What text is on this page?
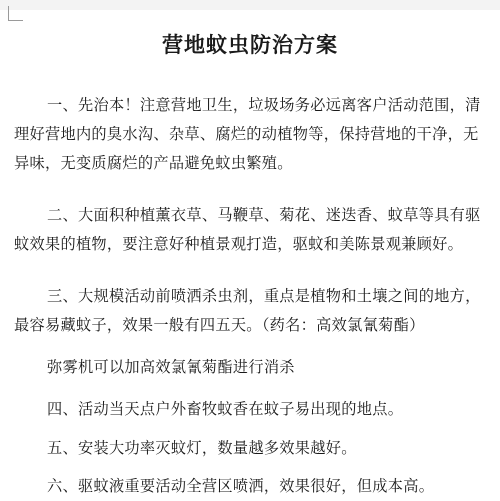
营地蚊虫防治方案
一、先治本！注意营地卫生，垃圾场务必远离客户活动范围，清
理好营地内的臭水沟、杂草、腐烂的动植物等，保持营地的干净，无
异味，无变质腐烂的产品避免蚊虫繁殖。
二、大面积种植薰衣草、马鞭草、菊花、迷迭香、蚊草等具有驱
蚊效果的植物，要注意好种植景观打造，驱蚊和美陈景观兼顾好。
三、大规模活动前喷洒杀虫剂，重点是植物和土壤之间的地方，
最容易藏蚊子，效果一般有四五天。（药名：高效氯氰菊酯）
弥雾机可以加高效氯氰菊酯进行消杀
四、活动当天点户外畜牧蚊香在蚊子易出现的地点。
五、安装大功率灭蚊灯，数量越多效果越好。
六、驱蚊液重要活动全营区喷洒，效果很好，但成本高。
